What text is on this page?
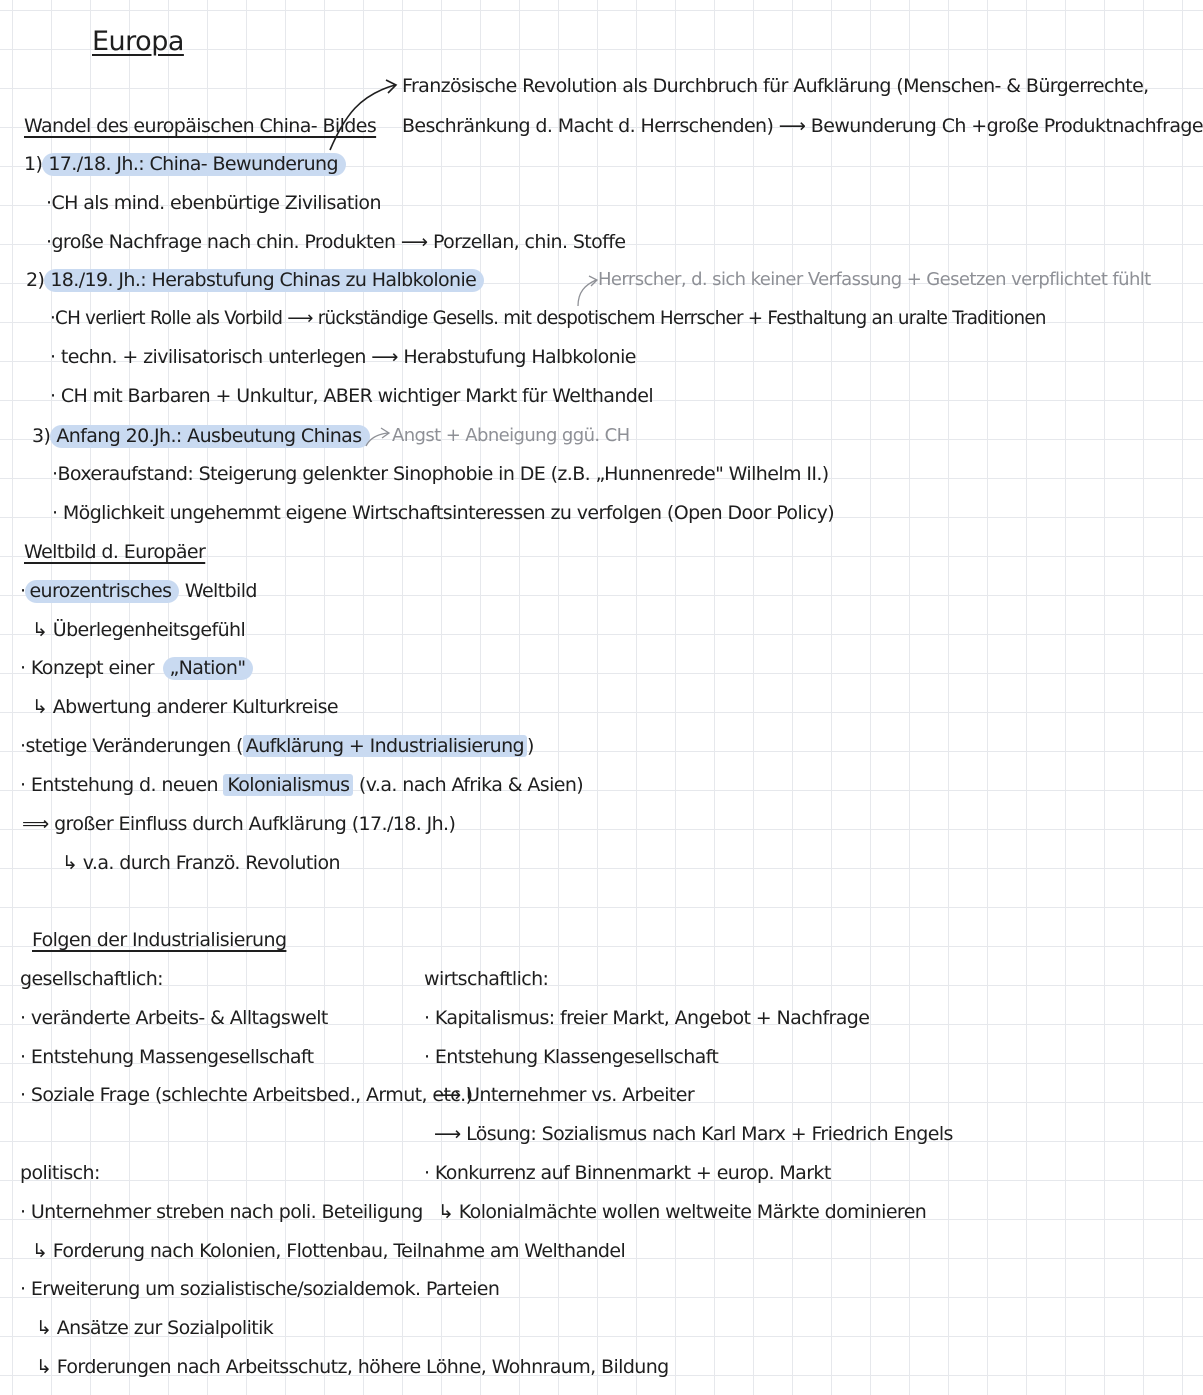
Europa
Französische Revolution als Durchbruch für Aufklärung (Menschen- & Bürgerrechte,
Beschränkung d. Macht d. Herrschenden) ⟶ Bewunderung Ch +große Produktnachfrage
Wandel des europäischen China- Bildes
1) 17./18. Jh.: China- Bewunderung
·CH als mind. ebenbürtige Zivilisation
·große Nachfrage nach chin. Produkten ⟶ Porzellan, chin. Stoffe
2) 18./19. Jh.: Herabstufung Chinas zu Halbkolonie	Herrscher, d. sich keiner Verfassung + Gesetzen verpflichtet fühlt
·CH verliert Rolle als Vorbild ⟶ rückständige Gesells. mit despotischem Herrscher + Festhaltung an uralte Traditionen
· techn. + zivilisatorisch unterlegen ⟶ Herabstufung Halbkolonie
· CH mit Barbaren + Unkultur, ABER wichtiger Markt für Welthandel
3) Anfang 20.Jh.: Ausbeutung Chinas	Angst + Abneigung ggü. CH
·Boxeraufstand: Steigerung gelenkter Sinophobie in DE (z.B. „Hunnenrede" Wilhelm II.)
· Möglichkeit ungehemmt eigene Wirtschaftsinteressen zu verfolgen (Open Door Policy)
Weltbild d. Europäer
· eurozentrisches Weltbild
↳ Überlegenheitsgefühl
· Konzept einer „Nation"
↳ Abwertung anderer Kulturkreise
·stetige Veränderungen ( Aufklärung + Industrialisierung )
· Entstehung d. neuen Kolonialismus (v.a. nach Afrika & Asien)
⟹ großer Einfluss durch Aufklärung (17./18. Jh.)
↳ v.a. durch Franzö. Revolution
Folgen der Industrialisierung
gesellschaftlich:
· veränderte Arbeits- & Alltagswelt
· Entstehung Massengesellschaft
· Soziale Frage (schlechte Arbeitsbed., Armut, etc.)
wirtschaftlich:
· Kapitalismus: freier Markt, Angebot + Nachfrage
· Entstehung Klassengesellschaft
⟶ Unternehmer vs. Arbeiter
⟶ Lösung: Sozialismus nach Karl Marx + Friedrich Engels
· Konkurrenz auf Binnenmarkt + europ. Markt
↳ Kolonialmächte wollen weltweite Märkte dominieren
politisch:
· Unternehmer streben nach poli. Beteiligung
↳ Forderung nach Kolonien, Flottenbau, Teilnahme am Welthandel
· Erweiterung um sozialistische/sozialdemok. Parteien
↳ Ansätze zur Sozialpolitik
↳ Forderungen nach Arbeitsschutz, höhere Löhne, Wohnraum, Bildung
